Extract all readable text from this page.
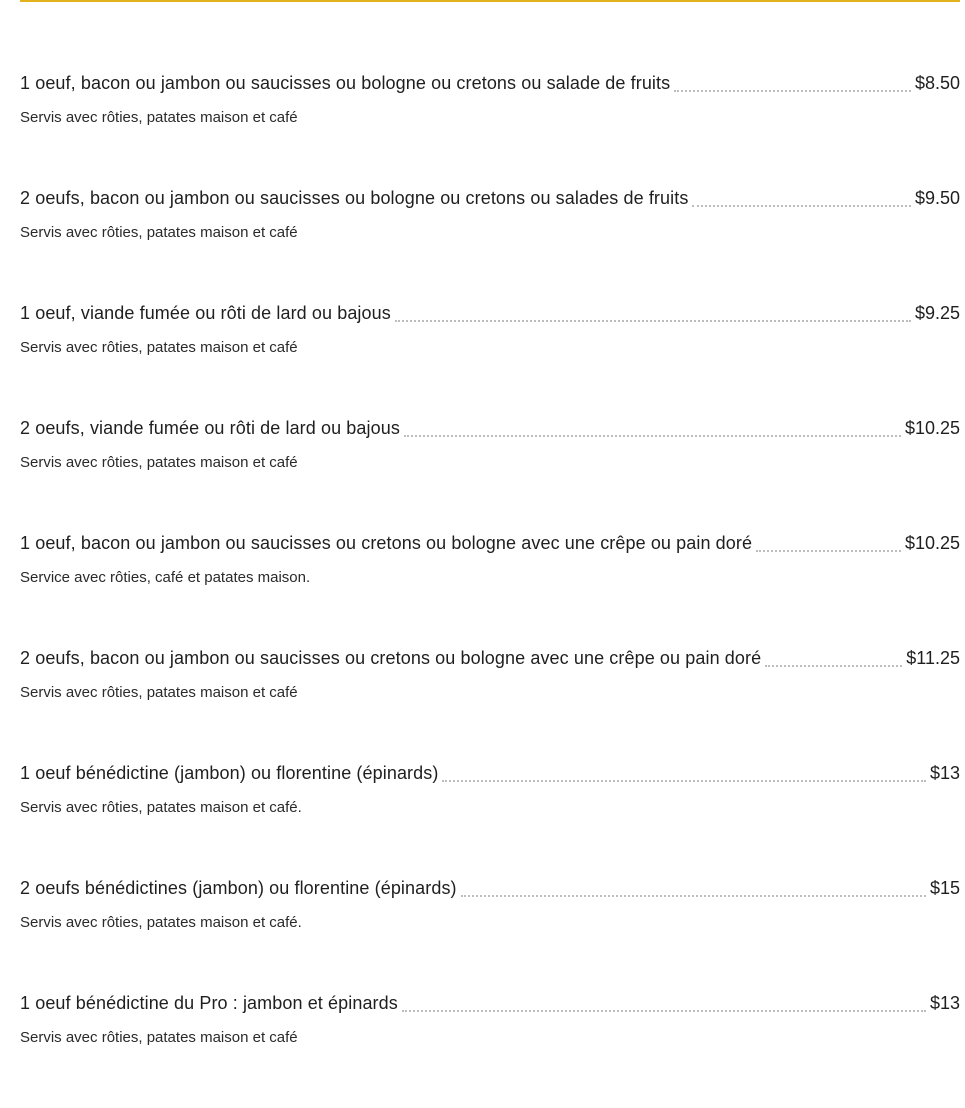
1 oeuf, bacon ou jambon ou saucisses ou bologne ou cretons ou salade de fruits	$8.50
Servis avec rôties, patates maison et café
2 oeufs, bacon ou jambon ou saucisses ou bologne ou cretons ou salades de fruits	$9.50
Servis avec rôties, patates maison et café
1 oeuf, viande fumée ou rôti de lard ou bajous	$9.25
Servis avec rôties, patates maison et café
2 oeufs, viande fumée ou rôti de lard ou bajous	$10.25
Servis avec rôties, patates maison et café
1 oeuf, bacon ou jambon ou saucisses ou cretons ou bologne avec une crêpe ou pain doré	$10.25
Service avec rôties, café et patates maison.
2 oeufs, bacon ou jambon ou saucisses ou cretons ou bologne avec une crêpe ou pain doré	$11.25
Servis avec rôties, patates maison et café
1 oeuf bénédictine (jambon) ou florentine (épinards)	$13
Servis avec rôties, patates maison et café.
2 oeufs bénédictines (jambon) ou florentine (épinards)	$15
Servis avec rôties, patates maison et café.
1 oeuf bénédictine du Pro : jambon et épinards	$13
Servis avec rôties, patates maison et café
